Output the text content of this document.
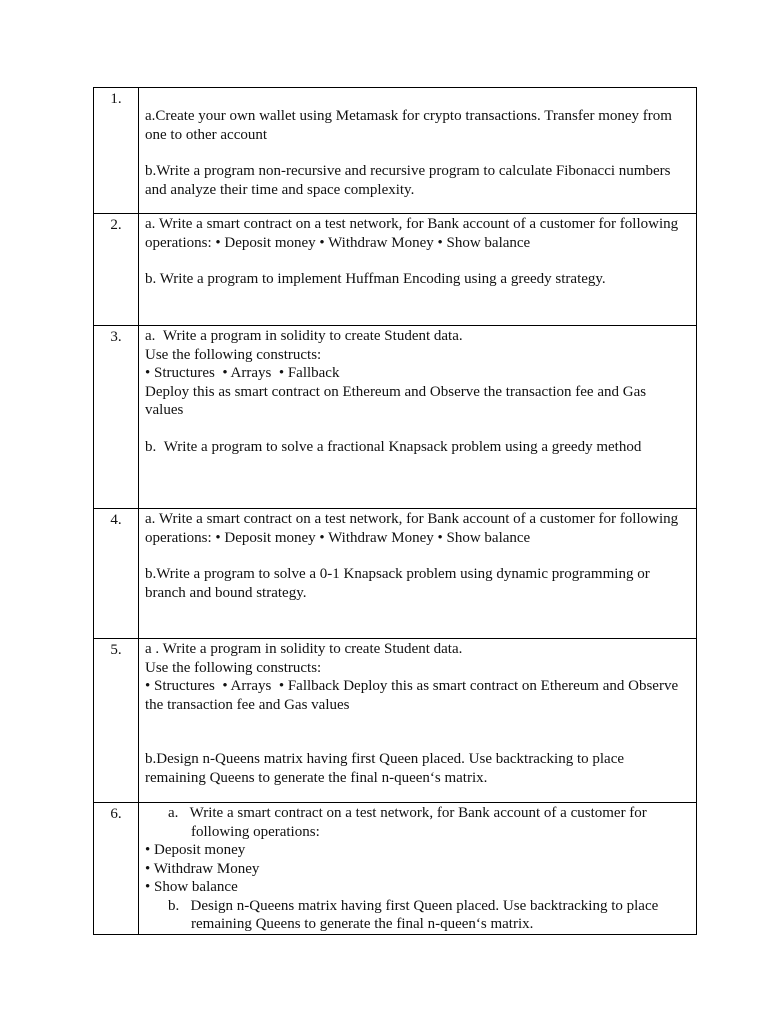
1.	a.Create your own wallet using Metamask for crypto transactions. Transfer money from one to other account

b.Write a program non-recursive and recursive program to calculate Fibonacci numbers and analyze their time and space complexity.

2.	a. Write a smart contract on a test network, for Bank account of a customer for following operations: • Deposit money • Withdraw Money • Show balance

b. Write a program to implement Huffman Encoding using a greedy strategy.

3.	a.  Write a program in solidity to create Student data.

Use the following constructs:

• Structures  • Arrays  • Fallback

Deploy this as smart contract on Ethereum and Observe the transaction fee and Gas values

b.  Write a program to solve a fractional Knapsack problem using a greedy method

4.	a. Write a smart contract on a test network, for Bank account of a customer for following operations: • Deposit money • Withdraw Money • Show balance

b.Write a program to solve a 0-1 Knapsack problem using dynamic programming or branch and bound strategy.

5.	a . Write a program in solidity to create Student data.

Use the following constructs:

• Structures  • Arrays  • Fallback Deploy this as smart contract on Ethereum and Observe the transaction fee and Gas values

b.Design n-Queens matrix having first Queen placed. Use backtracking to place remaining Queens to generate the final n-queen‘s matrix.

6.	a.   Write a smart contract on a test network, for Bank account of a customer for following operations:

• Deposit money

• Withdraw Money

• Show balance

b.   Design n-Queens matrix having first Queen placed. Use backtracking to place remaining Queens to generate the final n-queen‘s matrix.
